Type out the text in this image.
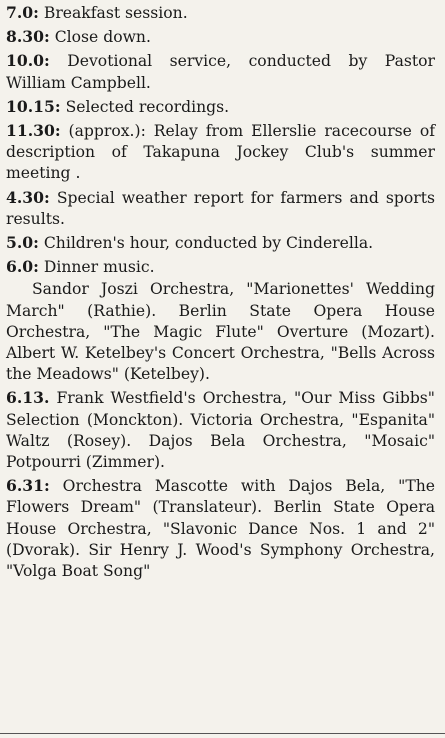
7.0: Breakfast session.

8.30: Close down.

10.0: Devotional service, conducted by Pastor William Campbell.

10.15: Selected recordings.

11.30: (approx.): Relay from Ellerslie racecourse of description of Takapuna Jockey Club's summer meeting .

4.30: Special weather report for farmers and sports results.

5.0: Children's hour, conducted by Cinderella.

6.0: Dinner music.

Sandor Joszi Orchestra, "Marionettes' Wedding March" (Rathie). Berlin State Opera House Orchestra, "The Magic Flute" Overture (Mozart). Albert W. Ketelbey's Concert Orchestra, "Bells Across the Meadows" (Ketelbey).

6.13. Frank Westfield's Orchestra, "Our Miss Gibbs" Selection (Monckton). Victoria Orchestra, "Espanita" Waltz (Rosey). Dajos Bela Orchestra, "Mosaic" Potpourri (Zimmer).

6.31: Orchestra Mascotte with Dajos Bela, "The Flowers Dream" (Translateur). Berlin State Opera House Orchestra, "Slavonic Dance Nos. 1 and 2" (Dvorak). Sir Henry J. Wood's Symphony Orchestra, "Volga Boat Song"
